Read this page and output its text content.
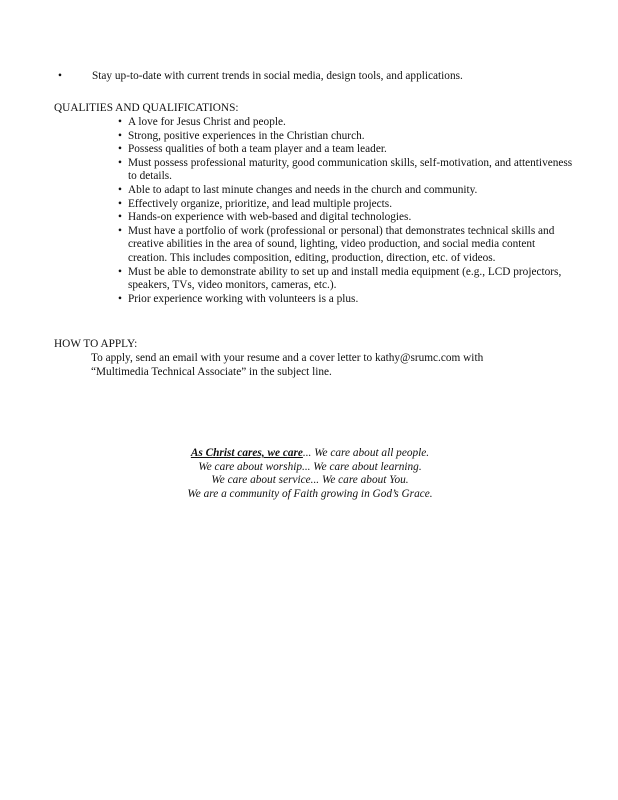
•	Stay up-to-date with current trends in social media, design tools, and applications.
QUALITIES AND QUALIFICATIONS:
• A love for Jesus Christ and people.
• Strong, positive experiences in the Christian church.
• Possess qualities of both a team player and a team leader.
• Must possess professional maturity, good communication skills, self-motivation, and attentiveness to details.
• Able to adapt to last minute changes and needs in the church and community.
• Effectively organize, prioritize, and lead multiple projects.
• Hands-on experience with web-based and digital technologies.
• Must have a portfolio of work (professional or personal) that demonstrates technical skills and creative abilities in the area of sound, lighting, video production, and social media content creation. This includes composition, editing, production, direction, etc. of videos.
• Must be able to demonstrate ability to set up and install media equipment (e.g., LCD projectors, speakers, TVs, video monitors, cameras, etc.).
• Prior experience working with volunteers is a plus.
HOW TO APPLY:

To apply, send an email with your resume and a cover letter to kathy@srumc.com with

“Multimedia Technical Associate” in the subject line.

As Christ cares, we care... We care about all people.

We care about worship... We care about learning.

We care about service... We care about You.

We are a community of Faith growing in God’s Grace.
